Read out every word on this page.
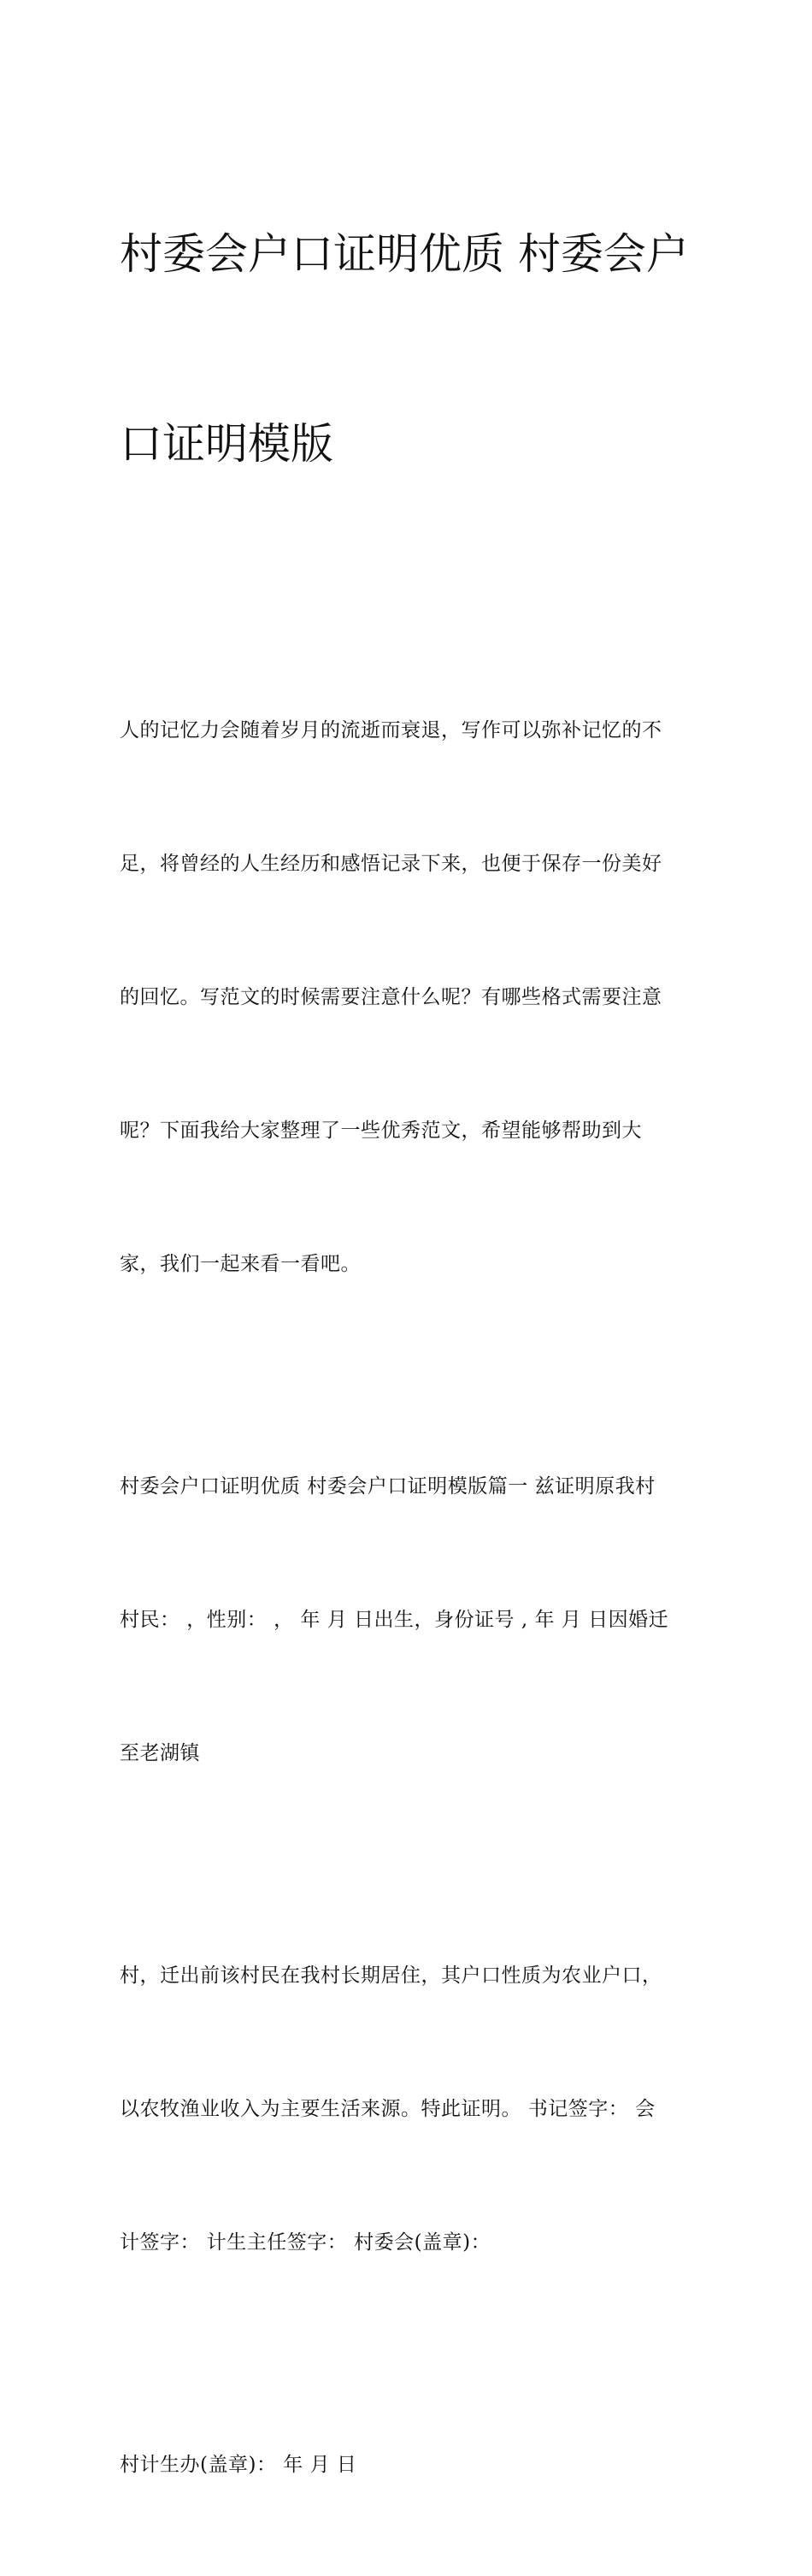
村委会户口证明优质 村委会户

口证明模版

人的记忆力会随着岁月的流逝而衰退，写作可以弥补记忆的不

足，将曾经的人生经历和感悟记录下来，也便于保存一份美好

的回忆。写范文的时候需要注意什么呢？有哪些格式需要注意

呢？下面我给大家整理了一些优秀范文，希望能够帮助到大

家，我们一起来看一看吧。

村委会户口证明优质 村委会户口证明模版篇一 兹证明原我村

村民： ，性别： ， 年 月 日出生，身份证号 , 年 月 日因婚迁

至老湖镇

村，迁出前该村民在我村长期居住，其户口性质为农业户口，

以农牧渔业收入为主要生活来源。特此证明。 书记签字： 会

计签字： 计生主任签字： 村委会(盖章)：

村计生办(盖章)： 年 月 日
